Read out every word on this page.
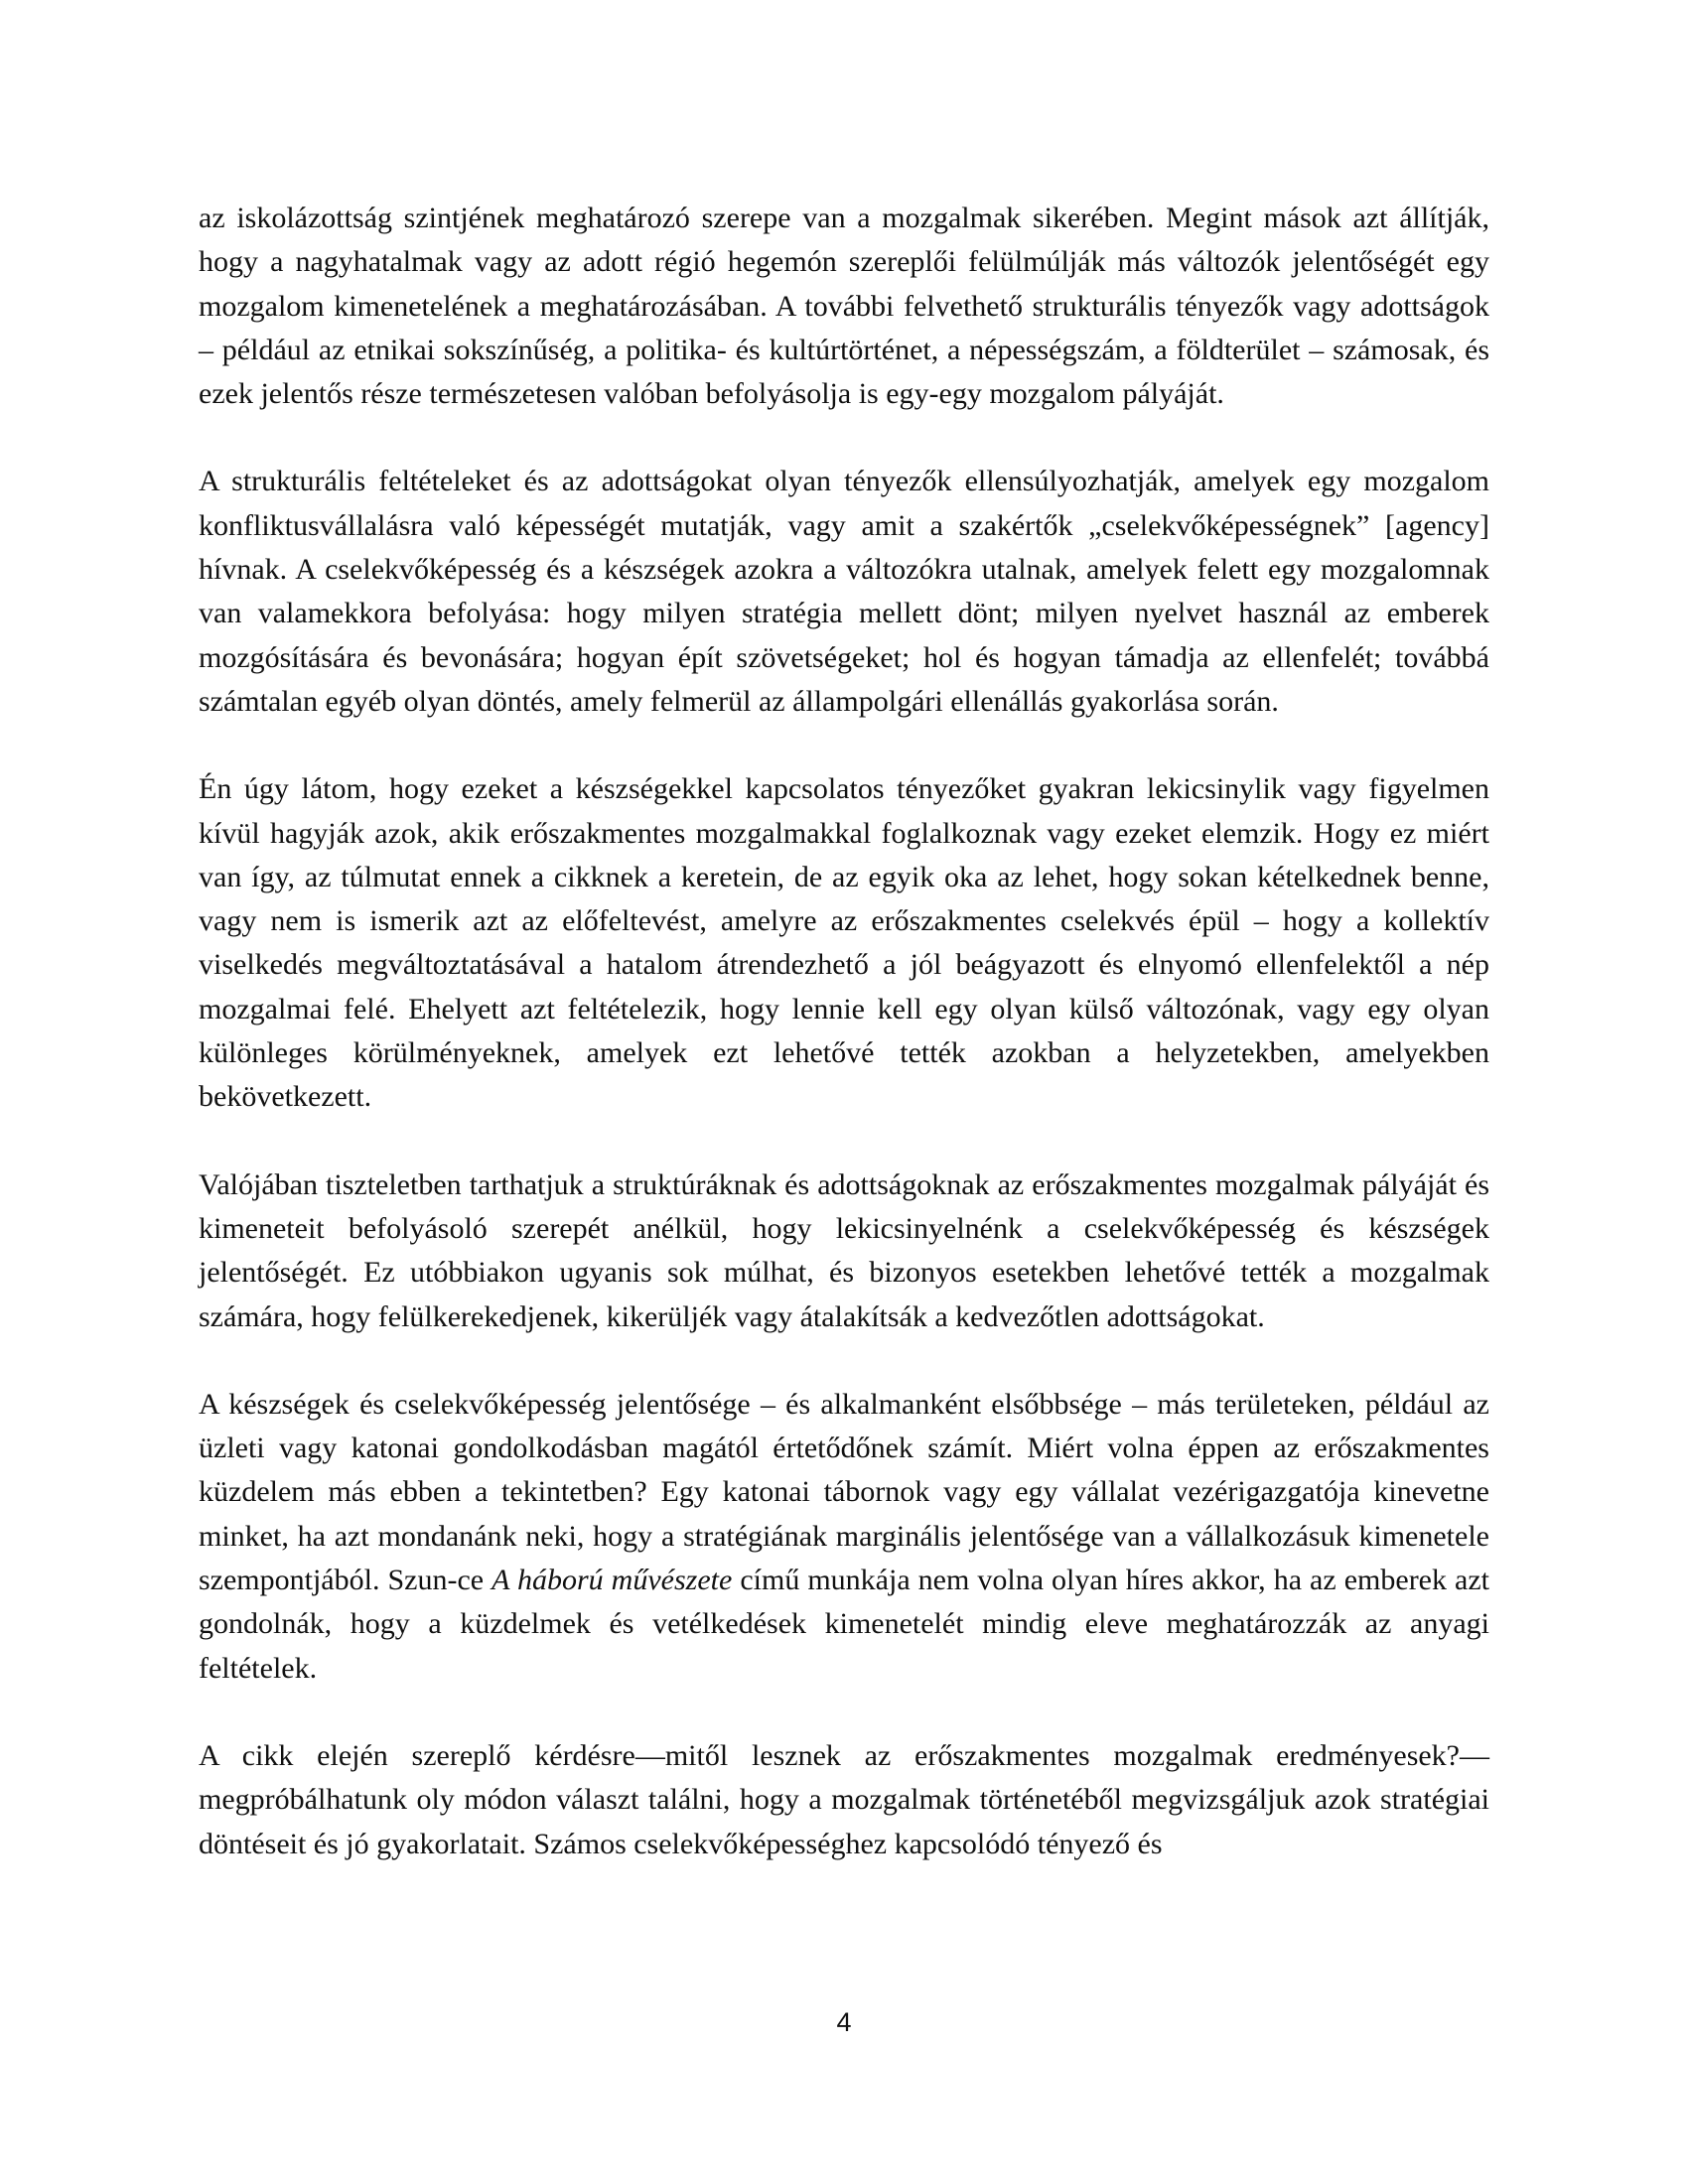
az iskolázottság szintjének meghatározó szerepe van a mozgalmak sikerében. Megint mások azt állítják, hogy a nagyhatalmak vagy az adott régió hegemón szereplői felülmúlják más változók jelentőségét egy mozgalom kimenetelének a meghatározásában. A további felvethető strukturális tényezők vagy adottságok – például az etnikai sokszínűség, a politika- és kultúrtörténet, a népességszám, a földterület – számosak, és ezek jelentős része természetesen valóban befolyásolja is egy-egy mozgalom pályáját.

A strukturális feltételeket és az adottságokat olyan tényezők ellensúlyozhatják, amelyek egy mozgalom konfliktusvállalásra való képességét mutatják, vagy amit a szakértők „cselekvőképességnek” [agency] hívnak. A cselekvőképesség és a készségek azokra a változókra utalnak, amelyek felett egy mozgalomnak van valamekkora befolyása: hogy milyen stratégia mellett dönt; milyen nyelvet használ az emberek mozgósítására és bevonására; hogyan épít szövetségeket; hol és hogyan támadja az ellenfelét; továbbá számtalan egyéb olyan döntés, amely felmerül az állampolgári ellenállás gyakorlása során.

Én úgy látom, hogy ezeket a készségekkel kapcsolatos tényezőket gyakran lekicsinylik vagy figyelmen kívül hagyják azok, akik erőszakmentes mozgalmakkal foglalkoznak vagy ezeket elemzik. Hogy ez miért van így, az túlmutat ennek a cikknek a keretein, de az egyik oka az lehet, hogy sokan kételkednek benne, vagy nem is ismerik azt az előfeltevést, amelyre az erőszakmentes cselekvés épül – hogy a kollektív viselkedés megváltoztatásával a hatalom átrendezhető a jól beágyazott és elnyomó ellenfelektől a nép mozgalmai felé. Ehelyett azt feltételezik, hogy lennie kell egy olyan külső változónak, vagy egy olyan különleges körülményeknek, amelyek ezt lehetővé tették azokban a helyzetekben, amelyekben bekövetkezett.

Valójában tiszteletben tarthatjuk a struktúráknak és adottságoknak az erőszakmentes mozgalmak pályáját és kimeneteit befolyásoló szerepét anélkül, hogy lekicsinyelnénk a cselekvőképesség és készségek jelentőségét. Ez utóbbiakon ugyanis sok múlhat, és bizonyos esetekben lehetővé tették a mozgalmak számára, hogy felülkerekedjenek, kikerüljék vagy átalakítsák a kedvezőtlen adottságokat.

A készségek és cselekvőképesség jelentősége – és alkalmanként elsőbbsége – más területeken, például az üzleti vagy katonai gondolkodásban magától értetődőnek számít. Miért volna éppen az erőszakmentes küzdelem más ebben a tekintetben? Egy katonai tábornok vagy egy vállalat vezérigazgatója kinevetne minket, ha azt mondanánk neki, hogy a stratégiának marginális jelentősége van a vállalkozásuk kimenetele szempontjából. Szun-ce A háború művészete című munkája nem volna olyan híres akkor, ha az emberek azt gondolnák, hogy a küzdelmek és vetélkedések kimenetelét mindig eleve meghatározzák az anyagi feltételek.

A cikk elején szereplő kérdésre—mitől lesznek az erőszakmentes mozgalmak eredményesek?—megpróbálhatunk oly módon választ találni, hogy a mozgalmak történetéből megvizsgáljuk azok stratégiai döntéseit és jó gyakorlatait. Számos cselekvőképességhez kapcsolódó tényező és

4
